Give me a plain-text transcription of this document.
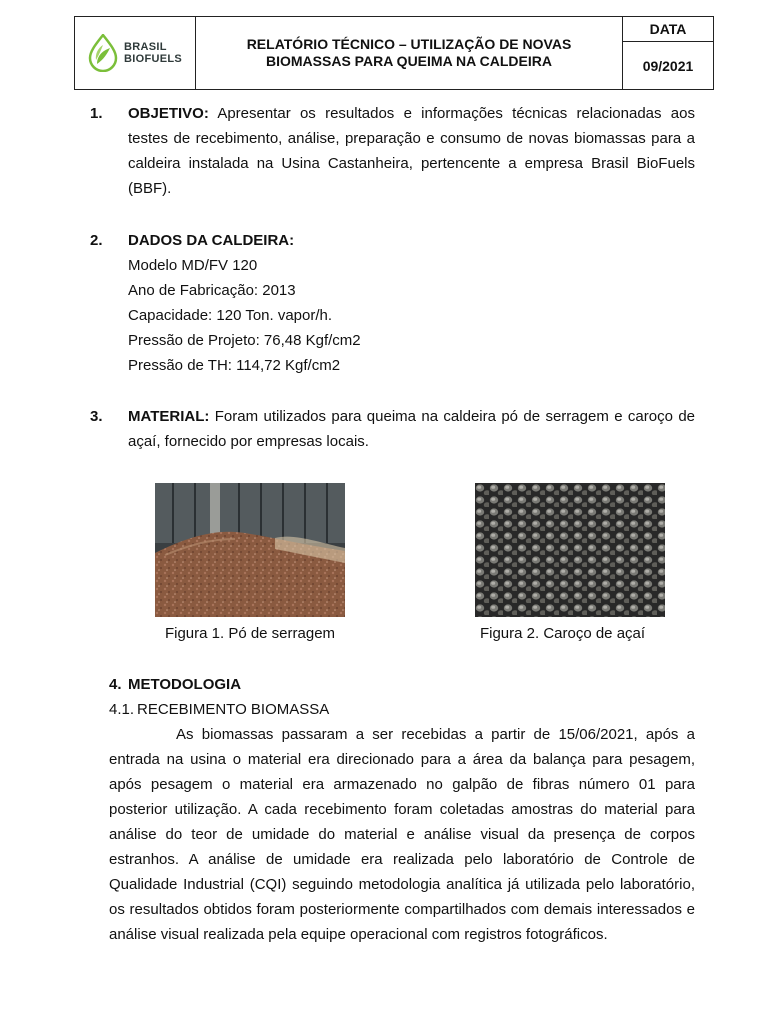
BRASIL
BIOFUELS
RELATÓRIO TÉCNICO – UTILIZAÇÃO DE NOVAS
BIOMASSAS PARA QUEIMA NA CALDEIRA
DATA
09/2021

1. OBJETIVO: Apresentar os resultados e informações técnicas relacionadas aos testes de recebimento, análise, preparação e consumo de novas biomassas para a caldeira instalada na Usina Castanheira, pertencente a empresa Brasil BioFuels (BBF).

2. DADOS DA CALDEIRA:

Modelo MD/FV 120
Ano de Fabricação: 2013
Capacidade: 120 Ton. vapor/h.
Pressão de Projeto: 76,48 Kgf/cm2
Pressão de TH: 114,72 Kgf/cm2

3. MATERIAL: Foram utilizados para queima na caldeira pó de serragem e caroço de açaí, fornecido por empresas locais.

Figura 1. Pó de serragem	Figura 2. Caroço de açaí

4. METODOLOGIA

4.1. RECEBIMENTO BIOMASSA

As biomassas passaram a ser recebidas a partir de 15/06/2021, após a entrada na usina o material era direcionado para a área da balança para pesagem, após pesagem o material era armazenado no galpão de fibras número 01 para posterior utilização. A cada recebimento foram coletadas amostras do material para análise do teor de umidade do material e análise visual da presença de corpos estranhos. A análise de umidade era realizada pelo laboratório de Controle de Qualidade Industrial (CQI) seguindo metodologia analítica já utilizada pelo laboratório, os resultados obtidos foram posteriormente compartilhados com demais interessados e análise visual realizada pela equipe operacional com registros fotográficos.
